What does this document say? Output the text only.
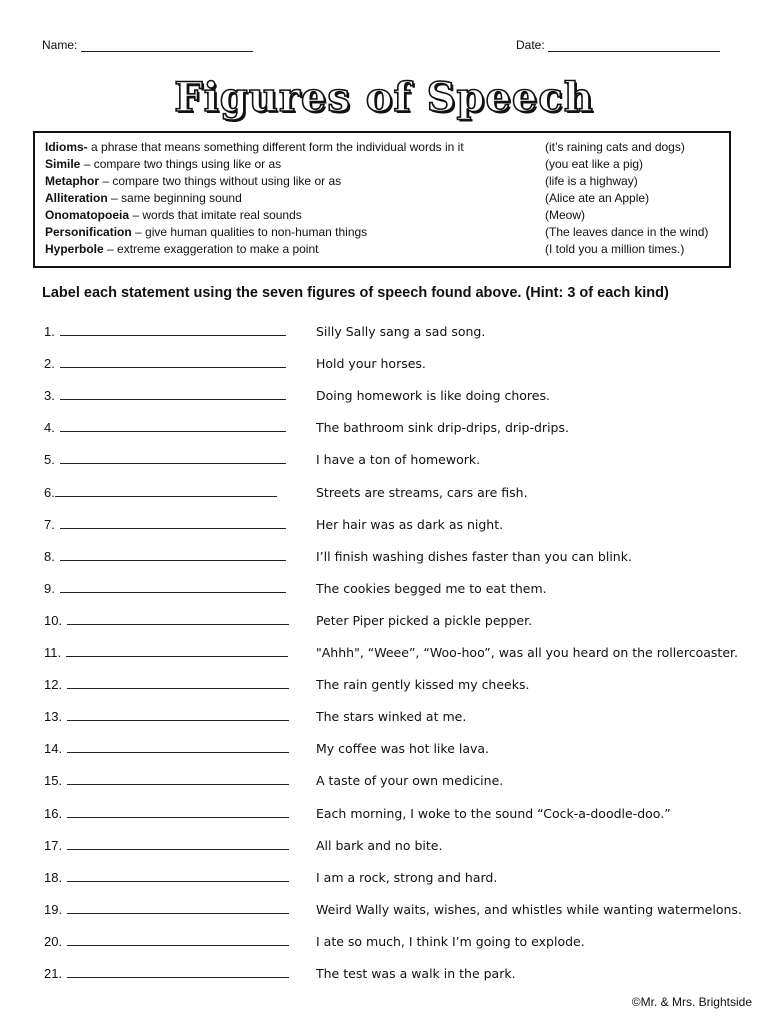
Name:	Date:
Figures of Speech
Idioms- a phrase that means something different form the individual words in it	(it’s raining cats and dogs)
Simile – compare two things using like or as	(you eat like a pig)
Metaphor – compare two things without using like or as	(life is a highway)
Alliteration – same beginning sound	(Alice ate an Apple)
Onomatopoeia – words that imitate real sounds	(Meow)
Personification – give human qualities to non-human things	(The leaves dance in the wind)
Hyperbole – extreme exaggeration to make a point	(I told you a million times.)
Label each statement using the seven figures of speech found above. (Hint: 3 of each kind)
1.	Silly Sally sang a sad song.
2.	Hold your horses.
3.	Doing homework is like doing chores.
4.	The bathroom sink drip-drips, drip-drips.
5.	I have a ton of homework.
6.	Streets are streams, cars are fish.
7.	Her hair was as dark as night.
8.	I’ll finish washing dishes faster than you can blink.
9.	The cookies begged me to eat them.
10.	Peter Piper picked a pickle pepper.
11.	"Ahhh", “Weee”, “Woo-hoo”, was all you heard on the rollercoaster.
12.	The rain gently kissed my cheeks.
13.	The stars winked at me.
14.	My coffee was hot like lava.
15.	A taste of your own medicine.
16.	Each morning, I woke to the sound “Cock-a-doodle-doo.”
17.	All bark and no bite.
18.	I am a rock, strong and hard.
19.	Weird Wally waits, wishes, and whistles while wanting watermelons.
20.	I ate so much, I think I’m going to explode.
21.	The test was a walk in the park.
©Mr. & Mrs. Brightside
